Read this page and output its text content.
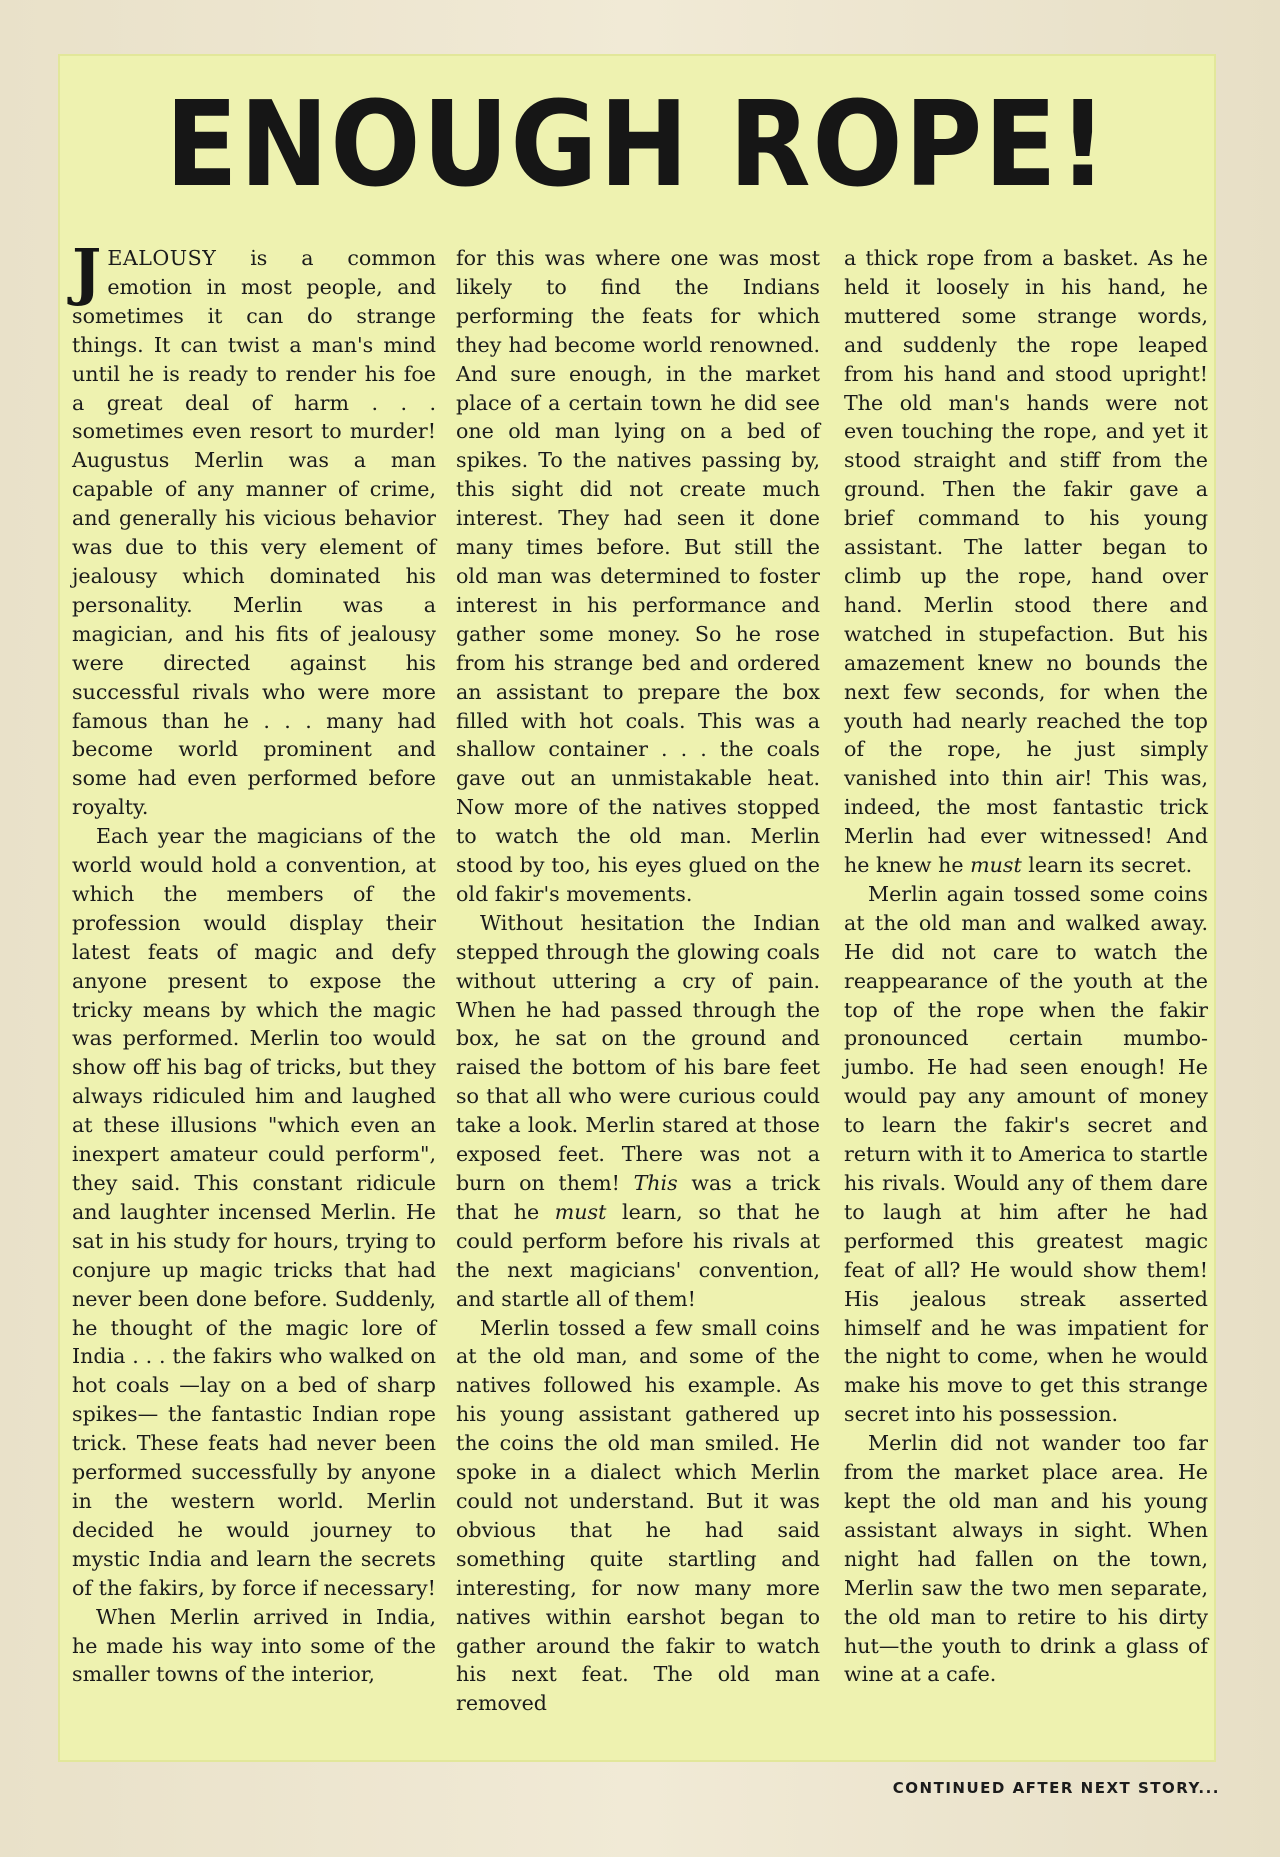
ENOUGH ROPE!

JEALOUSY is a common emotion in most people, and sometimes it can do strange things. It can twist a man's mind until he is ready to render his foe a great deal of harm . . . sometimes even resort to murder! Augustus Merlin was a man capable of any manner of crime, and generally his vicious behavior was due to this very element of jealousy which dominated his personality. Merlin was a magician, and his fits of jealousy were directed against his successful rivals who were more famous than he . . . many had become world prominent and some had even performed before royalty.

Each year the magicians of the world would hold a convention, at which the members of the profession would display their latest feats of magic and defy anyone present to expose the tricky means by which the magic was performed. Merlin too would show off his bag of tricks, but they always ridiculed him and laughed at these illusions "which even an inexpert amateur could perform", they said. This constant ridicule and laughter incensed Merlin. He sat in his study for hours, trying to conjure up magic tricks that had never been done before. Suddenly, he thought of the magic lore of India . . . the fakirs who walked on hot coals —lay on a bed of sharp spikes— the fantastic Indian rope trick. These feats had never been performed successfully by anyone in the western world. Merlin decided he would journey to mystic India and learn the secrets of the fakirs, by force if necessary!

When Merlin arrived in India, he made his way into some of the smaller towns of the interior,

for this was where one was most likely to find the Indians performing the feats for which they had become world renowned. And sure enough, in the market place of a certain town he did see one old man lying on a bed of spikes. To the natives passing by, this sight did not create much interest. They had seen it done many times before. But still the old man was determined to foster interest in his performance and gather some money. So he rose from his strange bed and ordered an assistant to prepare the box filled with hot coals. This was a shallow container . . . the coals gave out an unmistakable heat. Now more of the natives stopped to watch the old man. Merlin stood by too, his eyes glued on the old fakir's movements.

Without hesitation the Indian stepped through the glowing coals without uttering a cry of pain. When he had passed through the box, he sat on the ground and raised the bottom of his bare feet so that all who were curious could take a look. Merlin stared at those exposed feet. There was not a burn on them! This was a trick that he must learn, so that he could perform before his rivals at the next magicians' convention, and startle all of them!

Merlin tossed a few small coins at the old man, and some of the natives followed his example. As his young assistant gathered up the coins the old man smiled. He spoke in a dialect which Merlin could not understand. But it was obvious that he had said something quite startling and interesting, for now many more natives within earshot began to gather around the fakir to watch his next feat. The old man removed

a thick rope from a basket. As he held it loosely in his hand, he muttered some strange words, and suddenly the rope leaped from his hand and stood upright! The old man's hands were not even touching the rope, and yet it stood straight and stiff from the ground. Then the fakir gave a brief command to his young assistant. The latter began to climb up the rope, hand over hand. Merlin stood there and watched in stupefaction. But his amazement knew no bounds the next few seconds, for when the youth had nearly reached the top of the rope, he just simply vanished into thin air! This was, indeed, the most fantastic trick Merlin had ever witnessed! And he knew he must learn its secret.

Merlin again tossed some coins at the old man and walked away. He did not care to watch the reappearance of the youth at the top of the rope when the fakir pronounced certain mumbo-jumbo. He had seen enough! He would pay any amount of money to learn the fakir's secret and return with it to America to startle his rivals. Would any of them dare to laugh at him after he had performed this greatest magic feat of all? He would show them! His jealous streak asserted himself and he was impatient for the night to come, when he would make his move to get this strange secret into his possession.

Merlin did not wander too far from the market place area. He kept the old man and his young assistant always in sight. When night had fallen on the town, Merlin saw the two men separate, the old man to retire to his dirty hut—the youth to drink a glass of wine at a cafe.

CONTINUED AFTER NEXT STORY...
